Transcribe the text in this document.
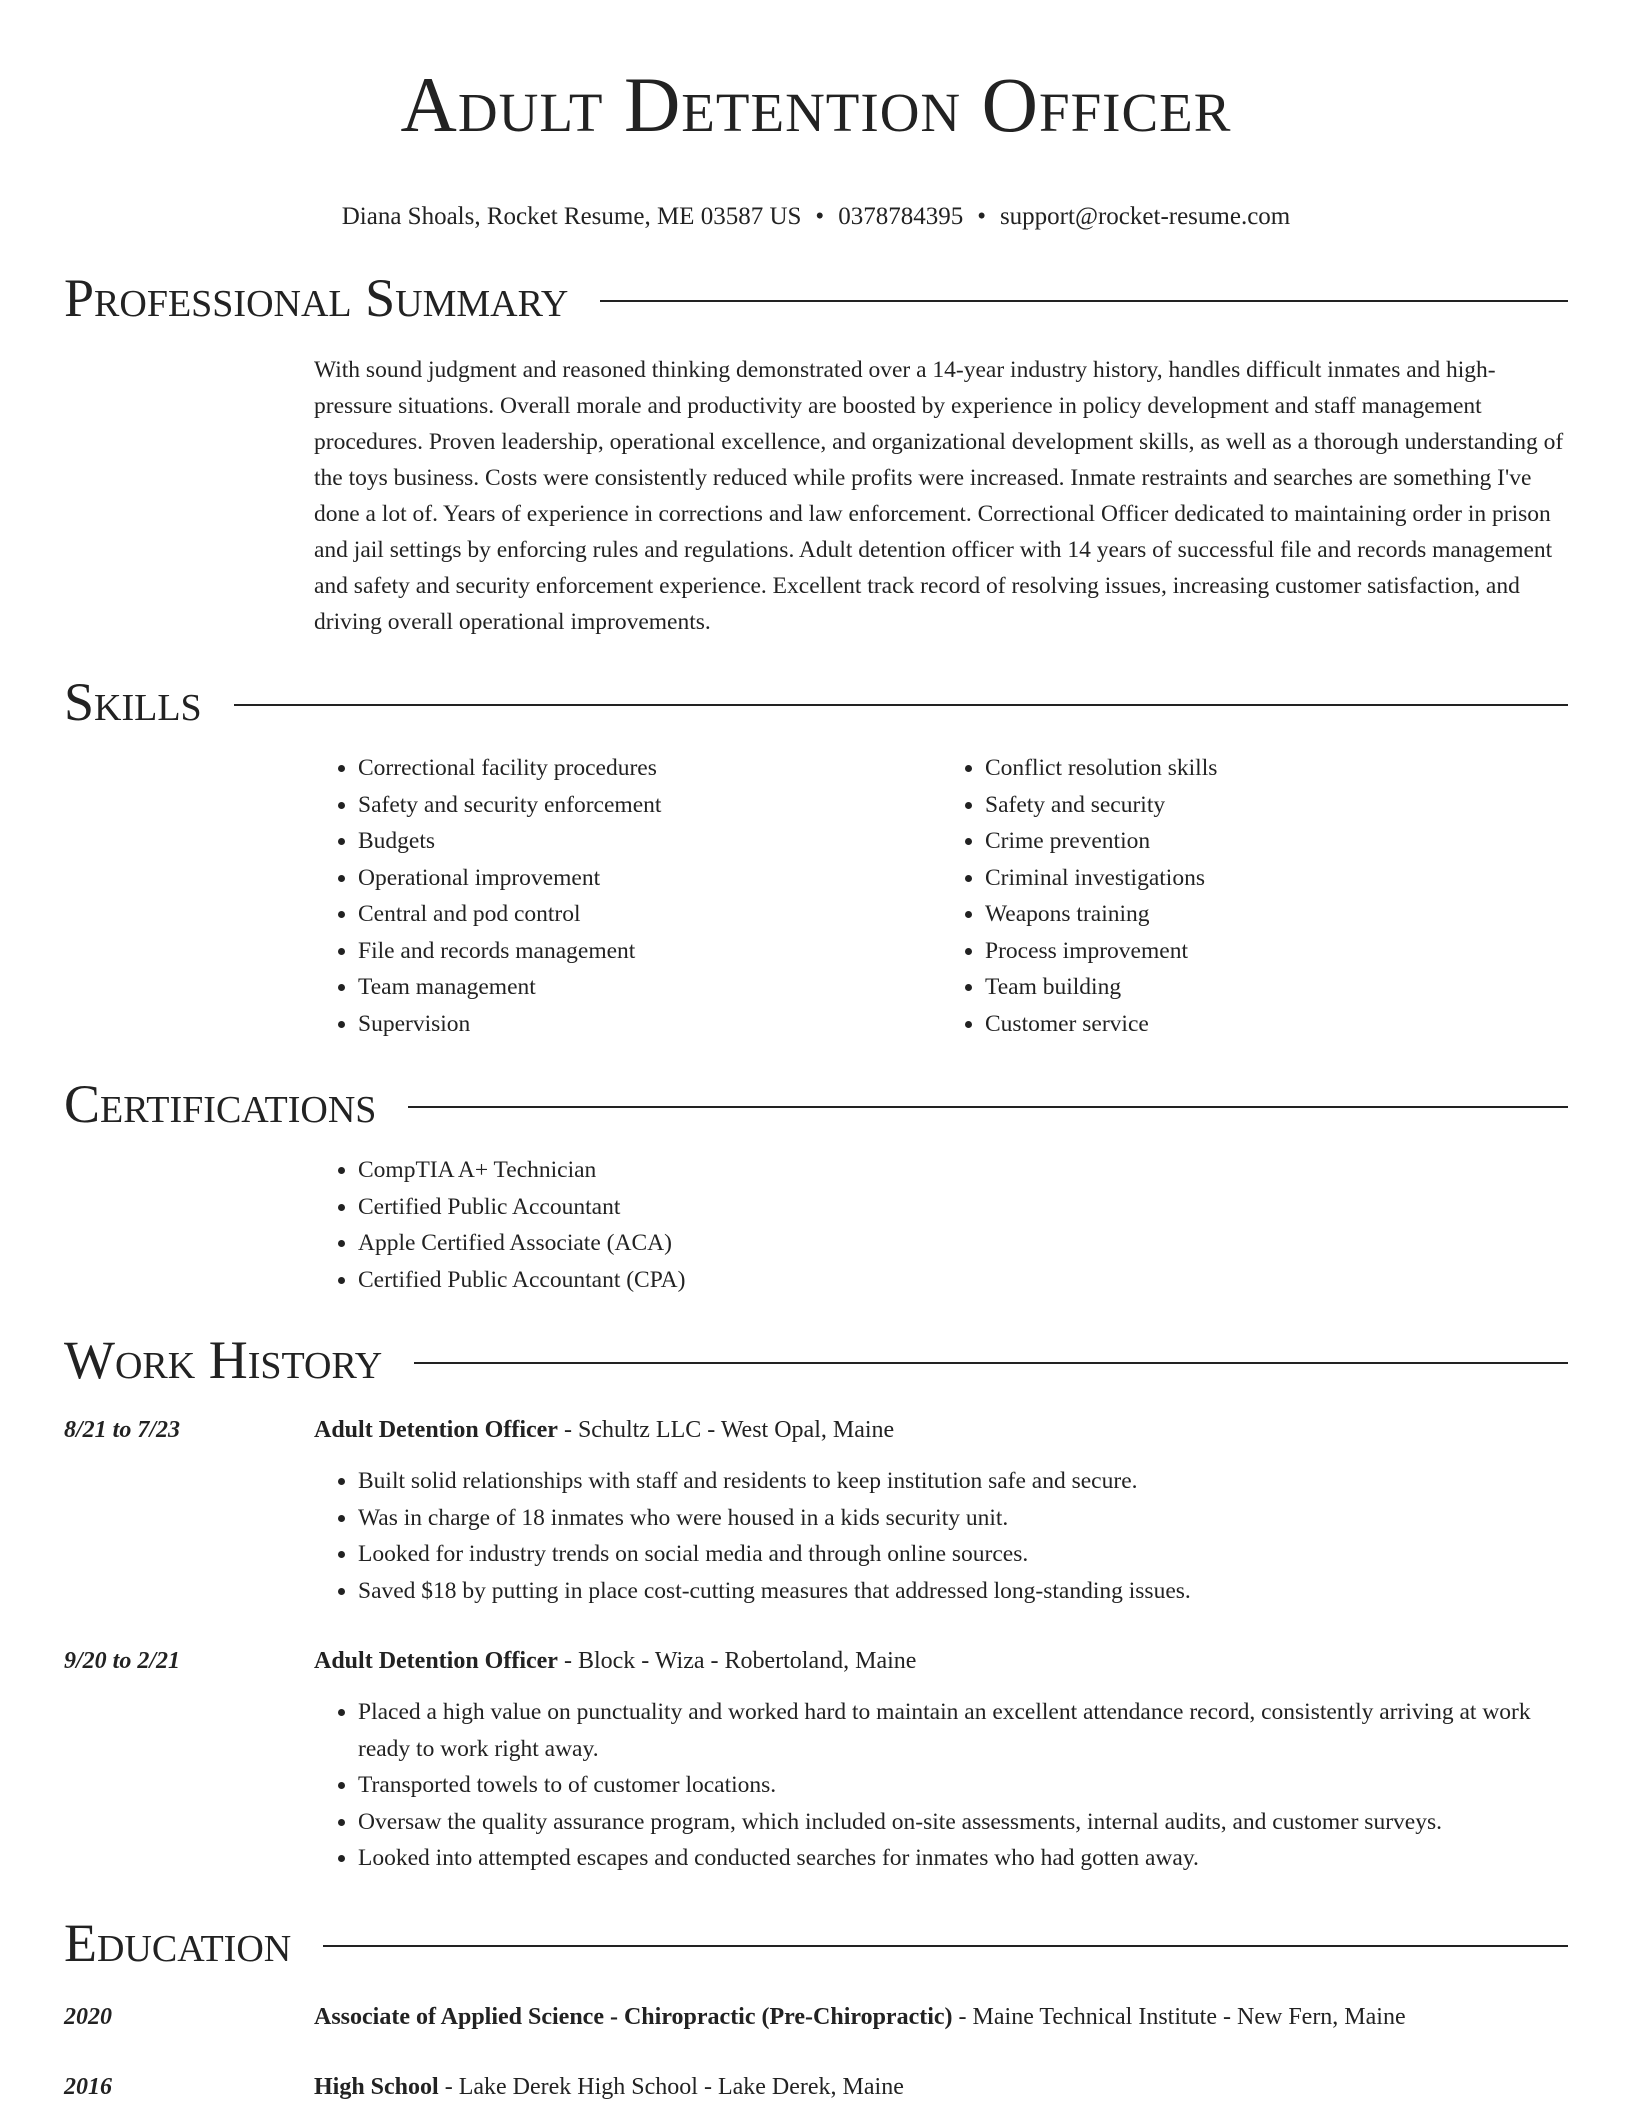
Adult Detention Officer
Diana Shoals, Rocket Resume, ME 03587 US • 0378784395 • support@rocket-resume.com
Professional Summary
With sound judgment and reasoned thinking demonstrated over a 14-year industry history, handles difficult inmates and high-pressure situations. Overall morale and productivity are boosted by experience in policy development and staff management procedures. Proven leadership, operational excellence, and organizational development skills, as well as a thorough understanding of the toys business. Costs were consistently reduced while profits were increased. Inmate restraints and searches are something I've done a lot of. Years of experience in corrections and law enforcement. Correctional Officer dedicated to maintaining order in prison and jail settings by enforcing rules and regulations. Adult detention officer with 14 years of successful file and records management and safety and security enforcement experience. Excellent track record of resolving issues, increasing customer satisfaction, and driving overall operational improvements.
Skills
• Correctional facility procedures
• Safety and security enforcement
• Budgets
• Operational improvement
• Central and pod control
• File and records management
• Team management
• Supervision
• Conflict resolution skills
• Safety and security
• Crime prevention
• Criminal investigations
• Weapons training
• Process improvement
• Team building
• Customer service
Certifications
• CompTIA A+ Technician
• Certified Public Accountant
• Apple Certified Associate (ACA)
• Certified Public Accountant (CPA)
Work History
8/21 to 7/23	Adult Detention Officer - Schultz LLC - West Opal, Maine
• Built solid relationships with staff and residents to keep institution safe and secure.
• Was in charge of 18 inmates who were housed in a kids security unit.
• Looked for industry trends on social media and through online sources.
• Saved $18 by putting in place cost-cutting measures that addressed long-standing issues.
9/20 to 2/21	Adult Detention Officer - Block - Wiza - Robertoland, Maine
• Placed a high value on punctuality and worked hard to maintain an excellent attendance record, consistently arriving at work ready to work right away.
• Transported towels to of customer locations.
• Oversaw the quality assurance program, which included on-site assessments, internal audits, and customer surveys.
• Looked into attempted escapes and conducted searches for inmates who had gotten away.
Education
2020	Associate of Applied Science - Chiropractic (Pre-Chiropractic) - Maine Technical Institute - New Fern, Maine
2016	High School - Lake Derek High School - Lake Derek, Maine
